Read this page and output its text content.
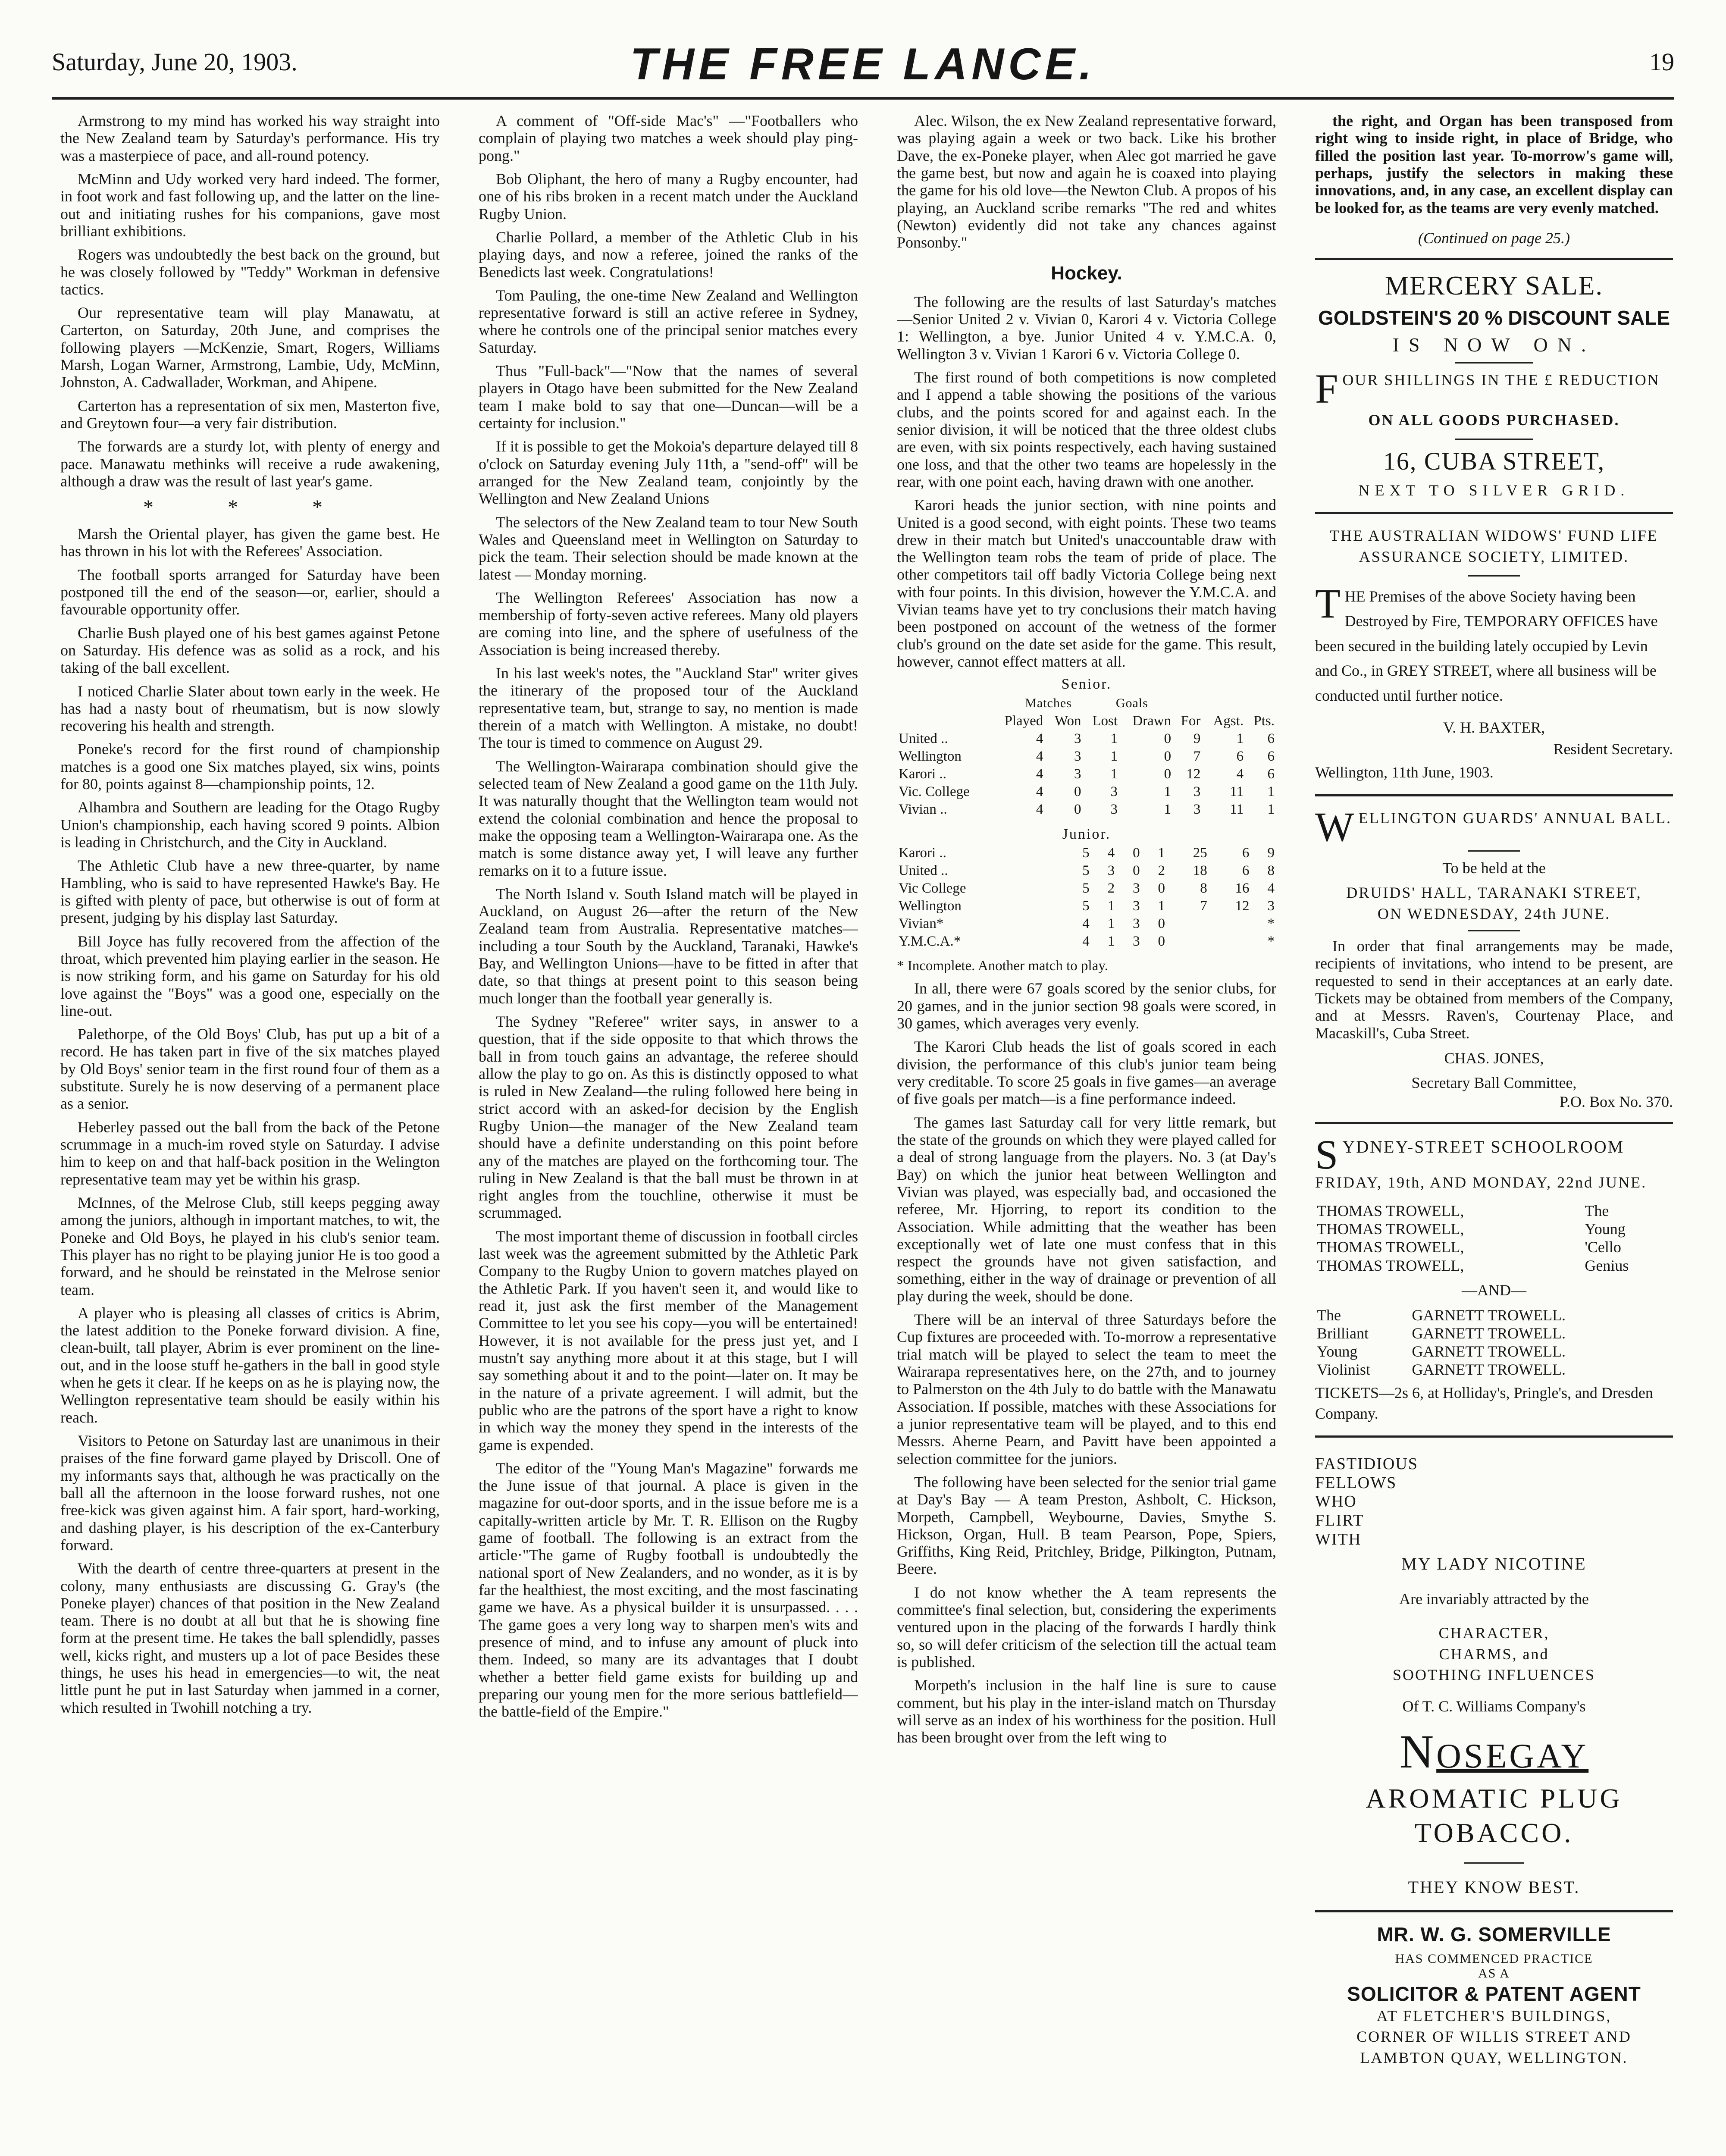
Saturday, June 20, 1903.	THE FREE LANCE.	19

Armstrong to my mind has worked his way straight into the New Zealand team by Saturday's performance. His try was a masterpiece of pace, and all-round potency.

McMinn and Udy worked very hard indeed. The former, in foot work and fast following up, and the latter on the line-out and initiating rushes for his companions, gave most brilliant exhibitions.

Rogers was undoubtedly the best back on the ground, but he was closely followed by "Teddy" Workman in defensive tactics.

Our representative team will play Manawatu, at Carterton, on Saturday, 20th June, and comprises the following players —McKenzie, Smart, Rogers, Williams Marsh, Logan Warner, Armstrong, Lambie, Udy, McMinn, Johnston, A. Cadwallader, Workman, and Ahipene.

Carterton has a representation of six men, Masterton five, and Greytown four—a very fair distribution.

The forwards are a sturdy lot, with plenty of energy and pace. Manawatu methinks will receive a rude awakening, although a draw was the result of last year's game.

* * *

Marsh the Oriental player, has given the game best. He has thrown in his lot with the Referees' Association.

The football sports arranged for Saturday have been postponed till the end of the season—or, earlier, should a favourable opportunity offer.

Charlie Bush played one of his best games against Petone on Saturday. His defence was as solid as a rock, and his taking of the ball excellent.

I noticed Charlie Slater about town early in the week. He has had a nasty bout of rheumatism, but is now slowly recovering his health and strength.

Poneke's record for the first round of championship matches is a good one Six matches played, six wins, points for 80, points against 8—championship points, 12.

Alhambra and Southern are leading for the Otago Rugby Union's championship, each having scored 9 points. Albion is leading in Christchurch, and the City in Auckland.

The Athletic Club have a new three-quarter, by name Hambling, who is said to have represented Hawke's Bay. He is gifted with plenty of pace, but otherwise is out of form at present, judging by his display last Saturday.

Bill Joyce has fully recovered from the affection of the throat, which prevented him playing earlier in the season. He is now striking form, and his game on Saturday for his old love against the "Boys" was a good one, especially on the line-out.

Palethorpe, of the Old Boys' Club, has put up a bit of a record. He has taken part in five of the six matches played by Old Boys' senior team in the first round four of them as a substitute. Surely he is now deserving of a permanent place as a senior.

Heberley passed out the ball from the back of the Petone scrummage in a much-im roved style on Saturday. I advise him to keep on and that half-back position in the Welington representative team may yet be within his grasp.

McInnes, of the Melrose Club, still keeps pegging away among the juniors, although in important matches, to wit, the Poneke and Old Boys, he played in his club's senior team. This player has no right to be playing junior He is too good a forward, and he should be reinstated in the Melrose senior team.

A player who is pleasing all classes of critics is Abrim, the latest addition to the Poneke forward division. A fine, clean-built, tall player, Abrim is ever prominent on the line-out, and in the loose stuff he-gathers in the ball in good style when he gets it clear. If he keeps on as he is playing now, the Wellington representative team should be easily within his reach.

Visitors to Petone on Saturday last are unanimous in their praises of the fine forward game played by Driscoll. One of my informants says that, although he was practically on the ball all the afternoon in the loose forward rushes, not one free-kick was given against him. A fair sport, hard-working, and dashing player, is his description of the ex-Canterbury forward.

With the dearth of centre three-quarters at present in the colony, many enthusiasts are discussing G. Gray's (the Poneke player) chances of that position in the New Zealand team. There is no doubt at all but that he is showing fine form at the present time. He takes the ball splendidly, passes well, kicks right, and musters up a lot of pace Besides these things, he uses his head in emergencies—to wit, the neat little punt he put in last Saturday when jammed in a corner, which resulted in Twohill notching a try.

A comment of "Off-side Mac's" —"Footballers who complain of playing two matches a week should play ping-pong."

Bob Oliphant, the hero of many a Rugby encounter, had one of his ribs broken in a recent match under the Auckland Rugby Union.

Charlie Pollard, a member of the Athletic Club in his playing days, and now a referee, joined the ranks of the Benedicts last week. Congratulations!

Tom Pauling, the one-time New Zealand and Wellington representative forward is still an active referee in Sydney, where he controls one of the principal senior matches every Saturday.

Thus "Full-back"—"Now that the names of several players in Otago have been submitted for the New Zealand team I make bold to say that one—Duncan—will be a certainty for inclusion."

If it is possible to get the Mokoia's departure delayed till 8 o'clock on Saturday evening July 11th, a "send-off" will be arranged for the New Zealand team, conjointly by the Wellington and New Zealand Unions

The selectors of the New Zealand team to tour New South Wales and Queensland meet in Wellington on Saturday to pick the team. Their selection should be made known at the latest — Monday morning.

The Wellington Referees' Association has now a membership of forty-seven active referees. Many old players are coming into line, and the sphere of usefulness of the Association is being increased thereby.

In his last week's notes, the "Auckland Star" writer gives the itinerary of the proposed tour of the Auckland representative team, but, strange to say, no mention is made therein of a match with Wellington. A mistake, no doubt! The tour is timed to commence on August 29.

The Wellington-Wairarapa combination should give the selected team of New Zealand a good game on the 11th July. It was naturally thought that the Wellington team would not extend the colonial combination and hence the proposal to make the opposing team a Wellington-Wairarapa one. As the match is some distance away yet, I will leave any further remarks on it to a future issue.

The North Island v. South Island match will be played in Auckland, on August 26—after the return of the New Zealand team from Australia. Representative matches—including a tour South by the Auckland, Taranaki, Hawke's Bay, and Wellington Unions—have to be fitted in after that date, so that things at present point to this season being much longer than the football year generally is.

The Sydney "Referee" writer says, in answer to a question, that if the side opposite to that which throws the ball in from touch gains an advantage, the referee should allow the play to go on. As this is distinctly opposed to what is ruled in New Zealand—the ruling followed here being in strict accord with an asked-for decision by the English Rugby Union—the manager of the New Zealand team should have a definite understanding on this point before any of the matches are played on the forthcoming tour. The ruling in New Zealand is that the ball must be thrown in at right angles from the touchline, otherwise it must be scrummaged.

The most important theme of discussion in football circles last week was the agreement submitted by the Athletic Park Company to the Rugby Union to govern matches played on the Athletic Park. If you haven't seen it, and would like to read it, just ask the first member of the Management Committee to let you see his copy—you will be entertained! However, it is not available for the press just yet, and I mustn't say anything more about it at this stage, but I will say something about it and to the point—later on. It may be in the nature of a private agreement. I will admit, but the public who are the patrons of the sport have a right to know in which way the money they spend in the interests of the game is expended.

The editor of the "Young Man's Magazine" forwards me the June issue of that journal. A place is given in the magazine for out-door sports, and in the issue before me is a capitally-written article by Mr. T. R. Ellison on the Rugby game of football. The following is an extract from the article·"The game of Rugby football is undoubtedly the national sport of New Zealanders, and no wonder, as it is by far the healthiest, the most exciting, and the most fascinating game we have. As a physical builder it is unsurpassed. . . . The game goes a very long way to sharpen men's wits and presence of mind, and to infuse any amount of pluck into them. Indeed, so many are its advantages that I doubt whether a better field game exists for building up and preparing our young men for the more serious battlefield—the battle-field of the Empire."

Alec. Wilson, the ex New Zealand representative forward, was playing again a week or two back. Like his brother Dave, the ex-Poneke player, when Alec got married he gave the game best, but now and again he is coaxed into playing the game for his old love—the Newton Club. A propos of his playing, an Auckland scribe remarks "The red and whites (Newton) evidently did not take any chances against Ponsonby."

Hockey.

The following are the results of last Saturday's matches —Senior United 2 v. Vivian 0, Karori 4 v. Victoria College 1: Wellington, a bye. Junior United 4 v. Y.M.C.A. 0, Wellington 3 v. Vivian 1 Karori 6 v. Victoria College 0.

The first round of both competitions is now completed and I append a table showing the positions of the various clubs, and the points scored for and against each. In the senior division, it will be noticed that the three oldest clubs are even, with six points respectively, each having sustained one loss, and that the other two teams are hopelessly in the rear, with one point each, having drawn with one another.

Karori heads the junior section, with nine points and United is a good second, with eight points. These two teams drew in their match but United's unaccountable draw with the Wellington team robs the team of pride of place. The other competitors tail off badly Victoria College being next with four points. In this division, however the Y.M.C.A. and Vivian teams have yet to try conclusions their match having been postponed on account of the wetness of the former club's ground on the date set aside for the game. This result, however, cannot effect matters at all.

Senior.
Matches            Goals
	Played	Won	Lost	Drawn	For	Agst.	Pts.
United ..	4	3	1	0	9	1	6
Wellington	4	3	1	0	7	6	6
Karori ..	4	3	1	0	12	4	6
Vic. College	4	0	3	1	3	11	1
Vivian ..	4	0	3	1	3	11	1
Junior.
Karori ..	5	4	0	1	25	6	9
United ..	5	3	0	2	18	6	8
Vic College	5	2	3	0	8	16	4
Wellington	5	1	3	1	7	12	3
Vivian*	4	1	3	0			*
Y.M.C.A.*	4	1	3	0			*
* Incomplete. Another match to play.

In all, there were 67 goals scored by the senior clubs, for 20 games, and in the junior section 98 goals were scored, in 30 games, which averages very evenly.

The Karori Club heads the list of goals scored in each division, the performance of this club's junior team being very creditable. To score 25 goals in five games—an average of five goals per match—is a fine performance indeed.

The games last Saturday call for very little remark, but the state of the grounds on which they were played called for a deal of strong language from the players. No. 3 (at Day's Bay) on which the junior heat between Wellington and Vivian was played, was especially bad, and occasioned the referee, Mr. Hjorring, to report its condition to the Association. While admitting that the weather has been exceptionally wet of late one must confess that in this respect the grounds have not given satisfaction, and something, either in the way of drainage or prevention of all play during the week, should be done.

There will be an interval of three Saturdays before the Cup fixtures are proceeded with. To-morrow a representative trial match will be played to select the team to meet the Wairarapa representatives here, on the 27th, and to journey to Palmerston on the 4th July to do battle with the Manawatu Association. If possible, matches with these Associations for a junior representative team will be played, and to this end Messrs. Aherne Pearn, and Pavitt have been appointed a selection committee for the juniors.

The following have been selected for the senior trial game at Day's Bay — A team Preston, Ashbolt, C. Hickson, Morpeth, Campbell, Weybourne, Davies, Smythe S. Hickson, Organ, Hull. B team Pearson, Pope, Spiers, Griffiths, King Reid, Pritchley, Bridge, Pilkington, Putnam, Beere.

I do not know whether the A team represents the committee's final selection, but, considering the experiments ventured upon in the placing of the forwards I hardly think so, so will defer criticism of the selection till the actual team is published.

Morpeth's inclusion in the half line is sure to cause comment, but his play in the inter-island match on Thursday will serve as an index of his worthiness for the position. Hull has been brought over from the left wing to

the right, and Organ has been transposed from right wing to inside right, in place of Bridge, who filled the position last year. To-morrow's game will, perhaps, justify the selectors in making these innovations, and, in any case, an excellent display can be looked for, as the teams are very evenly matched.

(Continued on page 25.)
MERCERY SALE.
GOLDSTEIN'S 20 % DISCOUNT SALE
IS NOW ON.
F OUR SHILLINGS IN THE £ REDUCTION
ON ALL GOODS PURCHASED.
16, CUBA STREET,
NEXT TO SILVER GRID.
THE AUSTRALIAN WIDOWS' FUND LIFE ASSURANCE SOCIETY, LIMITED.
T HE Premises of the above Society having been Destroyed by Fire, TEMPORARY OFFICES have been secured in the building lately occupied by Levin and Co., in GREY STREET, where all business will be conducted until further notice.
V. H. BAXTER,
Resident Secretary.
Wellington, 11th June, 1903.
W ELLINGTON GUARDS' ANNUAL BALL.
To be held at the
DRUIDS' HALL, TARANAKI STREET,
ON WEDNESDAY, 24th JUNE.

In order that final arrangements may be made, recipients of invitations, who intend to be present, are requested to send in their acceptances at an early date. Tickets may be obtained from members of the Company, and at Messrs. Raven's, Courtenay Place, and Macaskill's, Cuba Street.

CHAS. JONES,
Secretary Ball Committee,
P.O. Box No. 370.
S YDNEY-STREET SCHOOLROOM
FRIDAY, 19th, AND MONDAY, 22nd JUNE.
THOMAS TROWELL,	The
THOMAS TROWELL,	Young
THOMAS TROWELL,	'Cello
THOMAS TROWELL,	Genius
—AND—
The	GARNETT TROWELL.
Brilliant	GARNETT TROWELL.
Young	GARNETT TROWELL.
Violinist	GARNETT TROWELL.
TICKETS—2s 6, at Holliday's, Pringle's, and Dresden Company.
FASTIDIOUS
FELLOWS
WHO
FLIRT
WITH
MY LADY NICOTINE
Are invariably attracted by the
CHARACTER,
CHARMS, and
SOOTHING INFLUENCES
Of T. C. Williams Company's
NOSEGAY
AROMATIC PLUG
TOBACCO.
THEY KNOW BEST.
MR. W. G. SOMERVILLE
HAS COMMENCED PRACTICE
AS A
SOLICITOR & PATENT AGENT
AT FLETCHER'S BUILDINGS,
CORNER OF WILLIS STREET AND
LAMBTON QUAY, WELLINGTON.
